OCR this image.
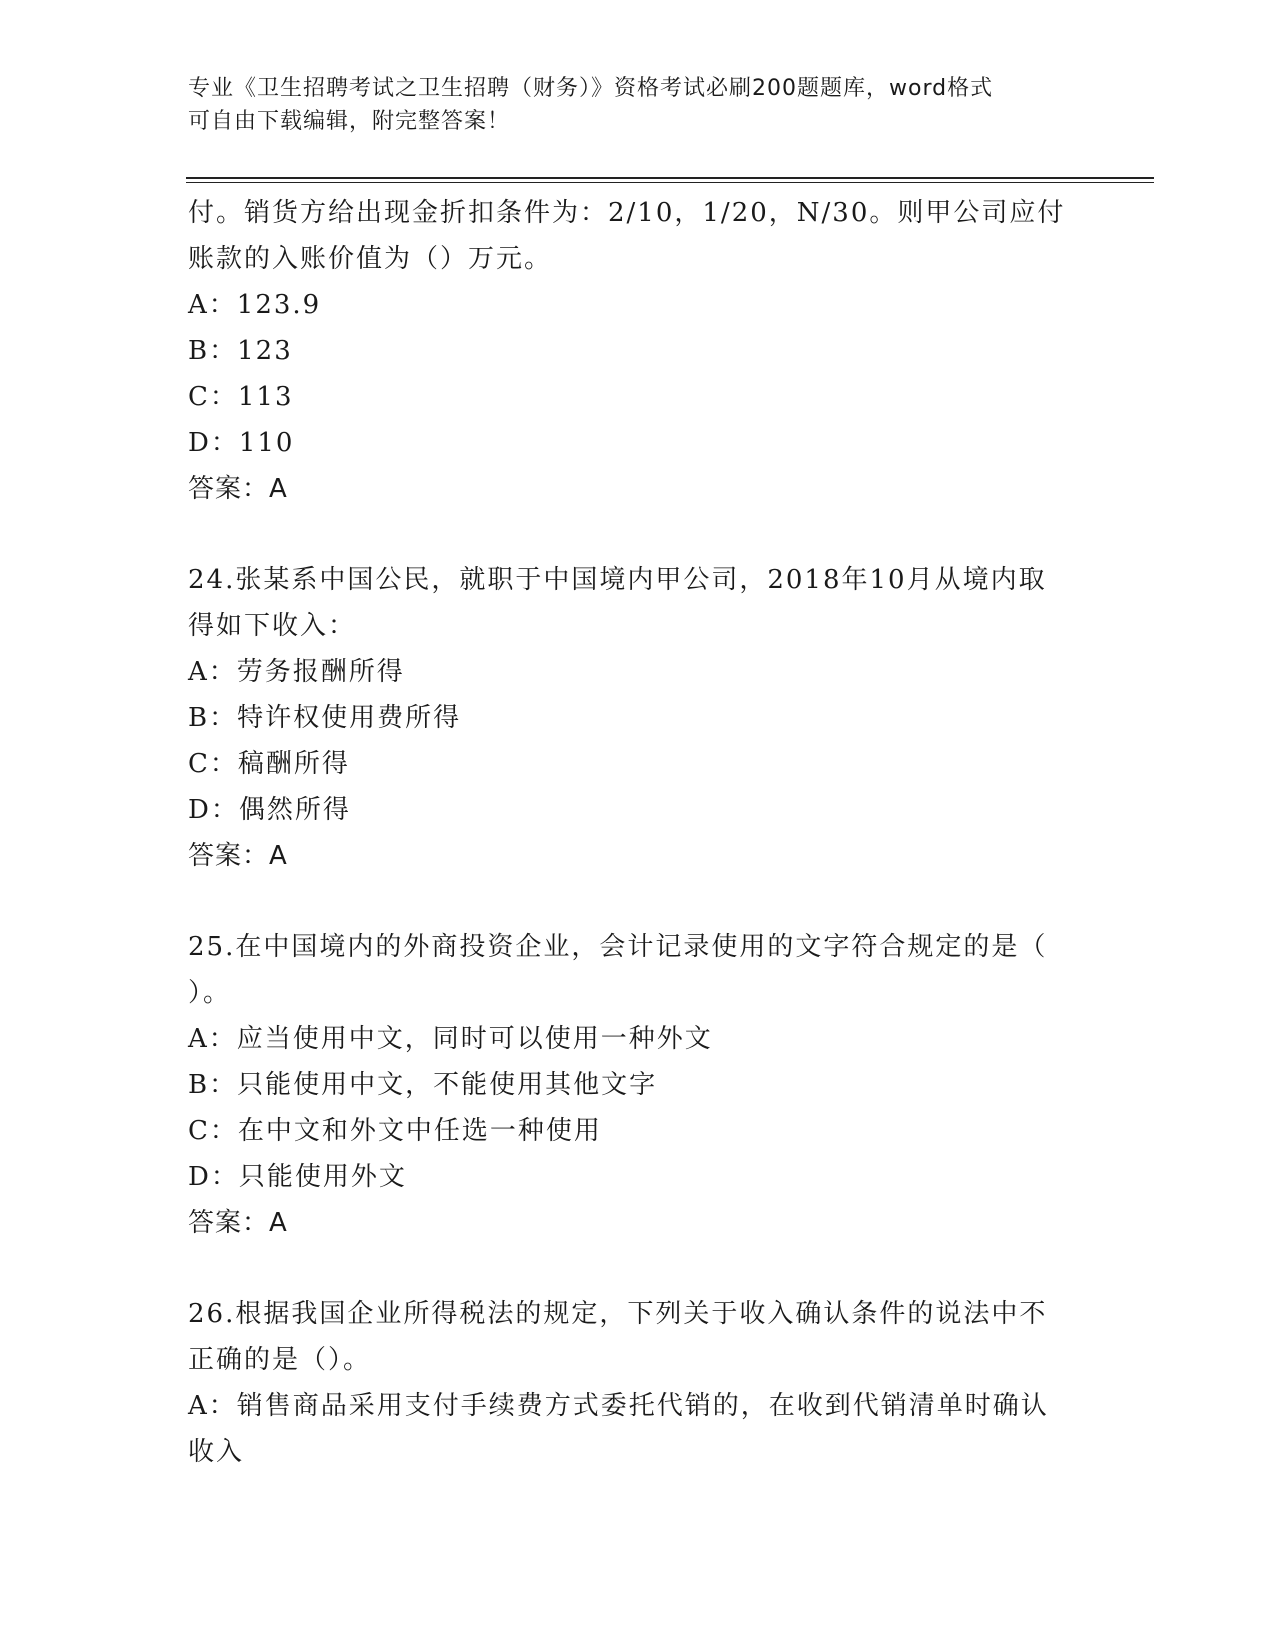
专业《卫生招聘考试之卫生招聘（财务）》资格考试必刷200题题库，word格式
可自由下载编辑，附完整答案！
付。销货方给出现金折扣条件为：2/10，1/20，N/30。则甲公司应付
账款的入账价值为（）万元。
A：123.9
B：123
C：113
D：110
答案：A
24.张某系中国公民，就职于中国境内甲公司，2018年10月从境内取
得如下收入：
A：劳务报酬所得
B：特许权使用费所得
C：稿酬所得
D：偶然所得
答案：A
25.在中国境内的外商投资企业，会计记录使用的文字符合规定的是（
）。
A：应当使用中文，同时可以使用一种外文
B：只能使用中文，不能使用其他文字
C：在中文和外文中任选一种使用
D：只能使用外文
答案：A
26.根据我国企业所得税法的规定，下列关于收入确认条件的说法中不
正确的是（）。
A：销售商品采用支付手续费方式委托代销的，在收到代销清单时确认
收入
